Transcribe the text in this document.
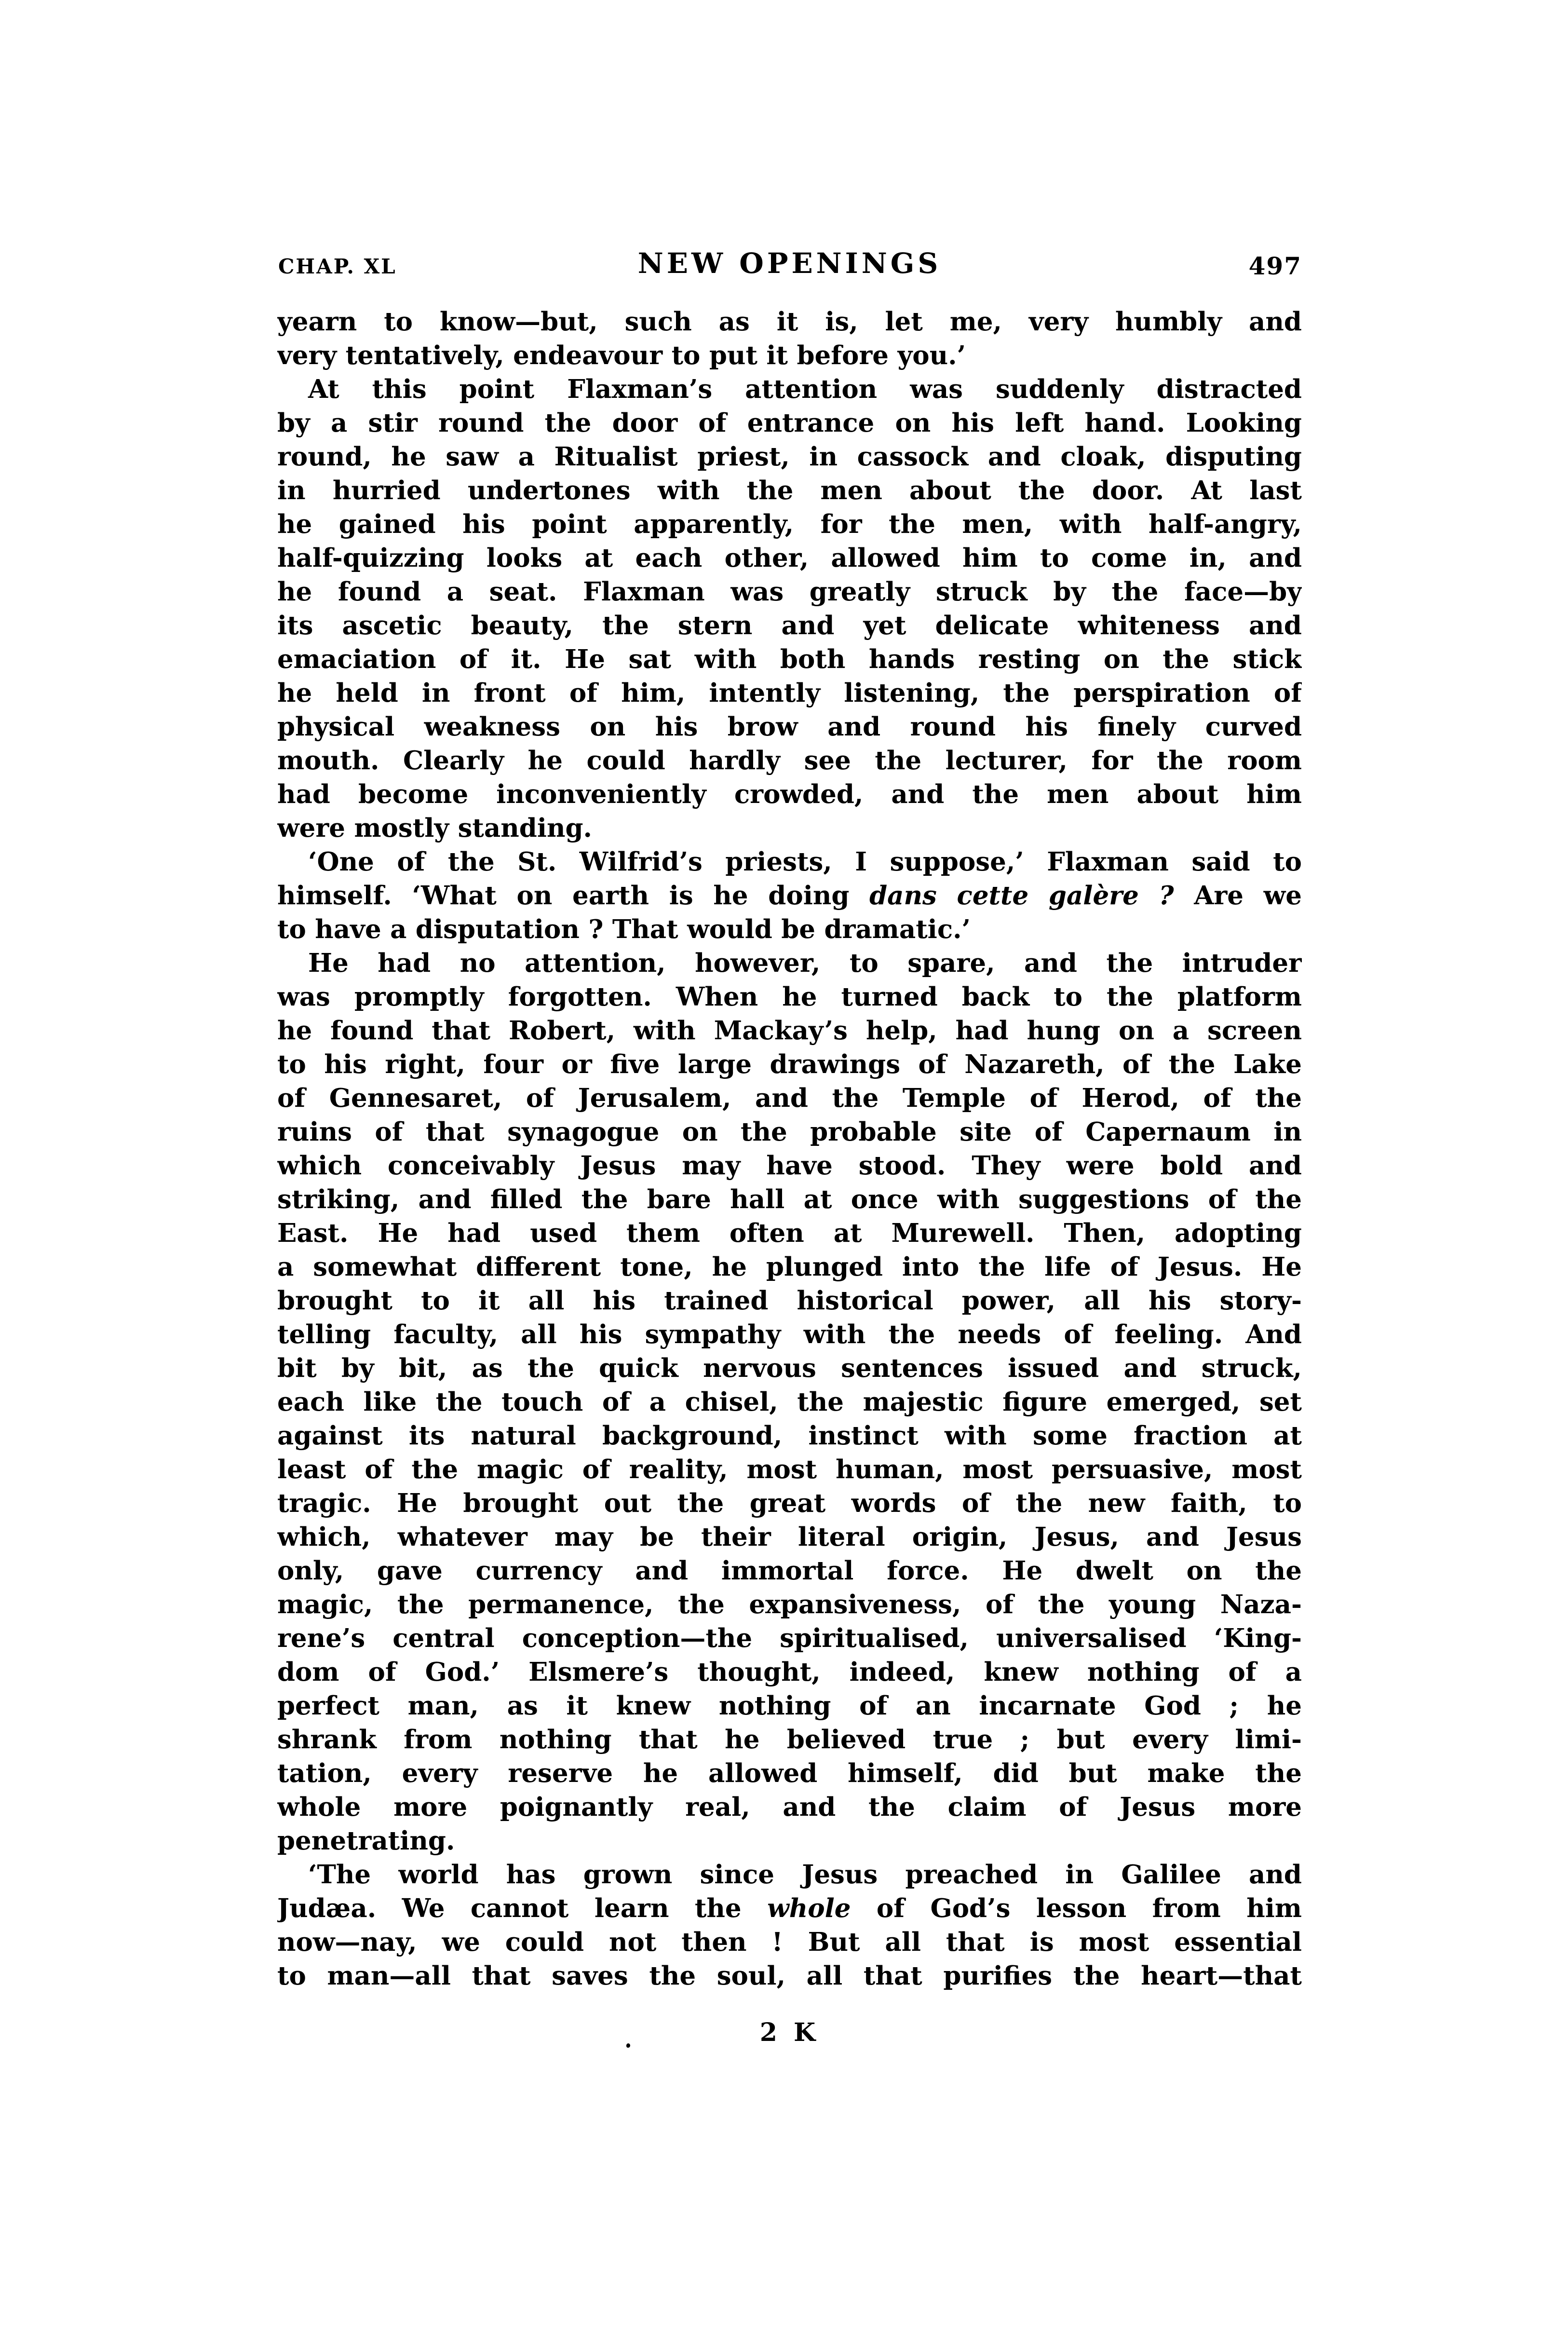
CHAP. XL	NEW OPENINGS	497
yearn to know—but, such as it is, let me, very humbly and
very tentatively, endeavour to put it before you.’
At this point Flaxman’s attention was suddenly distracted
by a stir round the door of entrance on his left hand. Looking
round, he saw a Ritualist priest, in cassock and cloak, disputing
in hurried undertones with the men about the door. At last
he gained his point apparently, for the men, with half-angry,
half-quizzing looks at each other, allowed him to come in, and
he found a seat. Flaxman was greatly struck by the face—by
its ascetic beauty, the stern and yet delicate whiteness and
emaciation of it. He sat with both hands resting on the stick
he held in front of him, intently listening, the perspiration of
physical weakness on his brow and round his finely curved
mouth. Clearly he could hardly see the lecturer, for the room
had become inconveniently crowded, and the men about him
were mostly standing.
‘One of the St. Wilfrid’s priests, I suppose,’ Flaxman said to
himself. ‘What on earth is he doing dans cette galère ? Are we
to have a disputation ? That would be dramatic.’
He had no attention, however, to spare, and the intruder
was promptly forgotten. When he turned back to the platform
he found that Robert, with Mackay’s help, had hung on a screen
to his right, four or five large drawings of Nazareth, of the Lake
of Gennesaret, of Jerusalem, and the Temple of Herod, of the
ruins of that synagogue on the probable site of Capernaum in
which conceivably Jesus may have stood. They were bold and
striking, and filled the bare hall at once with suggestions of the
East. He had used them often at Murewell. Then, adopting
a somewhat different tone, he plunged into the life of Jesus. He
brought to it all his trained historical power, all his story-
telling faculty, all his sympathy with the needs of feeling. And
bit by bit, as the quick nervous sentences issued and struck,
each like the touch of a chisel, the majestic figure emerged, set
against its natural background, instinct with some fraction at
least of the magic of reality, most human, most persuasive, most
tragic. He brought out the great words of the new faith, to
which, whatever may be their literal origin, Jesus, and Jesus
only, gave currency and immortal force. He dwelt on the
magic, the permanence, the expansiveness, of the young Naza-
rene’s central conception—the spiritualised, universalised ‘King-
dom of God.’ Elsmere’s thought, indeed, knew nothing of a
perfect man, as it knew nothing of an incarnate God ; he
shrank from nothing that he believed true ; but every limi-
tation, every reserve he allowed himself, did but make the
whole more poignantly real, and the claim of Jesus more
penetrating.
‘The world has grown since Jesus preached in Galilee and
Judæa. We cannot learn the whole of God’s lesson from him
now—nay, we could not then ! But all that is most essential
to man—all that saves the soul, all that purifies the heart—that
2 K
